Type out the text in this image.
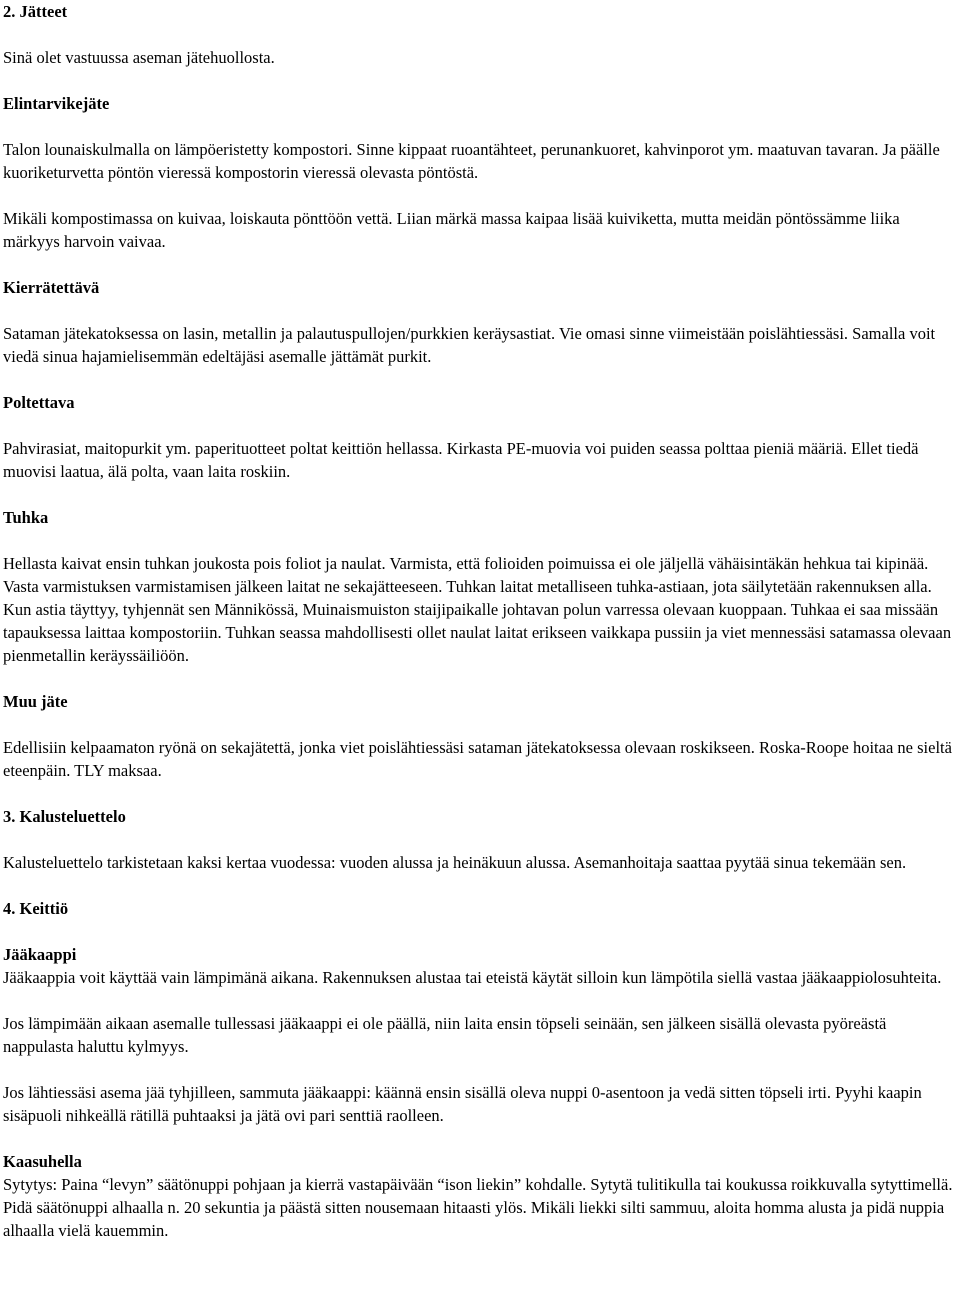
2. Jätteet

Sinä olet vastuussa aseman jätehuollosta.

Elintarvikejäte

Talon lounaiskulmalla on lämpöeristetty kompostori. Sinne kippaat ruoantähteet, perunankuoret, kahvinporot ym. maatuvan tavaran. Ja päälle kuoriketurvetta pöntön vieressä kompostorin vieressä olevasta pöntöstä.

Mikäli kompostimassa on kuivaa, loiskauta pönttöön vettä. Liian märkä massa kaipaa lisää kuiviketta, mutta meidän pöntössämme liika märkyys harvoin vaivaa.

Kierrätettävä

Sataman jätekatoksessa on lasin, metallin ja palautuspullojen/purkkien keräysastiat. Vie omasi sinne viimeistään poislähtiessäsi. Samalla voit viedä sinua hajamielisemmän edeltäjäsi asemalle jättämät purkit.

Poltettava

Pahvirasiat, maitopurkit ym. paperituotteet poltat keittiön hellassa. Kirkasta PE-muovia voi puiden seassa polttaa pieniä määriä. Ellet tiedä muovisi laatua, älä polta, vaan laita roskiin.

Tuhka

Hellasta kaivat ensin tuhkan joukosta pois foliot ja naulat. Varmista, että folioiden poimuissa ei ole jäljellä vähäisintäkän hehkua tai kipinää. Vasta varmistuksen varmistamisen jälkeen laitat ne sekajätteeseen. Tuhkan laitat metalliseen tuhka-astiaan, jota säilytetään rakennuksen alla. Kun astia täyttyy, tyhjennät sen Männikössä, Muinaismuiston staijipaikalle johtavan polun varressa olevaan kuoppaan. Tuhkaa ei saa missään tapauksessa laittaa kompostoriin. Tuhkan seassa mahdollisesti ollet naulat laitat erikseen vaikkapa pussiin ja viet mennessäsi satamassa olevaan pienmetallin keräyssäiliöön.

Muu jäte

Edellisiin kelpaamaton ryönä on sekajätettä, jonka viet poislähtiessäsi sataman jätekatoksessa olevaan roskikseen. Roska-Roope hoitaa ne sieltä eteenpäin. TLY maksaa.

3. Kalusteluettelo

Kalusteluettelo tarkistetaan kaksi kertaa vuodessa: vuoden alussa ja heinäkuun alussa. Asemanhoitaja saattaa pyytää sinua tekemään sen.

4. Keittiö
Jääkaappi

Jääkaappia voit käyttää vain lämpimänä aikana. Rakennuksen alustaa tai eteistä käytät silloin kun lämpötila siellä vastaa jääkaappiolosuhteita.

Jos lämpimään aikaan asemalle tullessasi jääkaappi ei ole päällä, niin laita ensin töpseli seinään, sen jälkeen sisällä olevasta pyöreästä nappulasta haluttu kylmyys.

Jos lähtiessäsi asema jää tyhjilleen, sammuta jääkaappi: käännä ensin sisällä oleva nuppi 0-asentoon ja vedä sitten töpseli irti. Pyyhi kaapin sisäpuoli nihkeällä rätillä puhtaaksi ja jätä ovi pari senttiä raolleen.

Kaasuhella

Sytytys: Paina “levyn” säätönuppi pohjaan ja kierrä vastapäivään “ison liekin” kohdalle. Sytytä tulitikulla tai koukussa roikkuvalla sytyttimellä. Pidä säätönuppi alhaalla n. 20 sekuntia ja päästä sitten nousemaan hitaasti ylös. Mikäli liekki silti sammuu, aloita homma alusta ja pidä nuppia alhaalla vielä kauemmin.
